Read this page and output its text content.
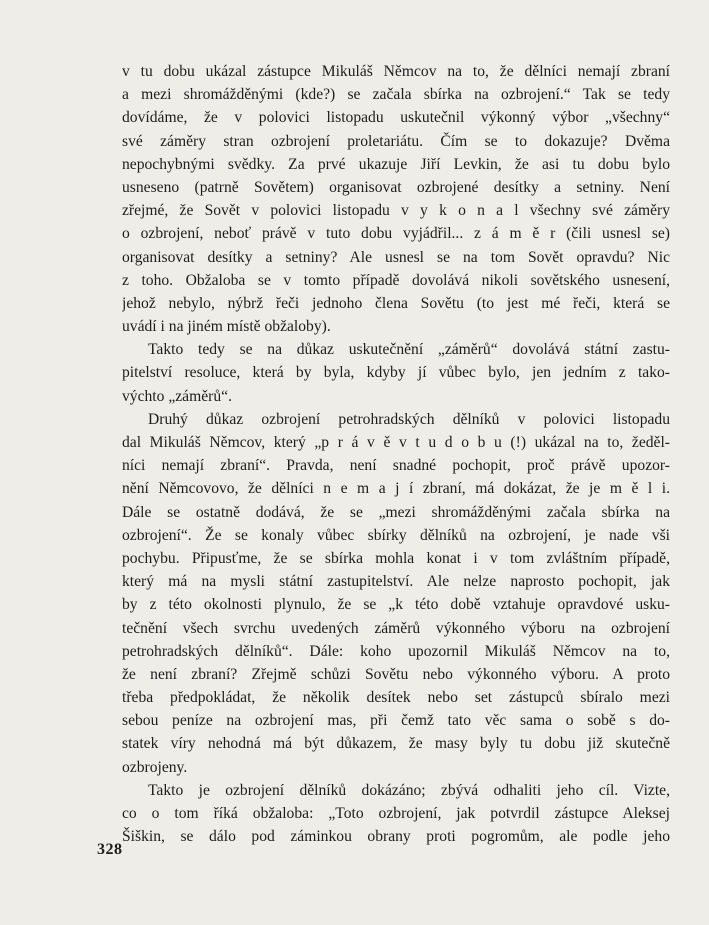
v tu dobu ukázal zástupce Mikuláš Němcov na to, že dělníci nemají zbraní
a mezi shromážděnými (kde?) se začala sbírka na ozbrojení.“ Tak se tedy
dovídáme, že v polovici listopadu uskutečnil výkonný výbor „všechny“
své záměry stran ozbrojení proletariátu. Čím se to dokazuje? Dvěma
nepochybnými svědky. Za prvé ukazuje Jiří Levkin, že asi tu dobu bylo
usneseno (patrně Sovětem) organisovat ozbrojené desítky a setniny. Není
zřejmé, že Sovět v polovici listopadu v y k o n a l všechny své záměry
o ozbrojení, neboť právě v tuto dobu vyjádřil... z á m ě r (čili usnesl se)
organisovat desítky a setniny? Ale usnesl se na tom Sovět opravdu? Nic
z toho. Obžaloba se v tomto případě dovolává nikoli sovětského usnesení,
jehož nebylo, nýbrž řeči jednoho člena Sovětu (to jest mé řeči, která se
uvádí i na jiném místě obžaloby).
Takto tedy se na důkaz uskutečnění „záměrů“ dovolává státní zastu-
pitelství resoluce, která by byla, kdyby jí vůbec bylo, jen jedním z tako-
výchto „záměrů“.
Druhý důkaz ozbrojení petrohradských dělníků v polovici listopadu
dal Mikuláš Němcov, který „p r á v ě v t u d o b u (!) ukázal na to, žeděl-
níci nemají zbraní“. Pravda, není snadné pochopit, proč právě upozor-
nění Němcovovo, že dělníci n e m a j í zbraní, má dokázat, že je m ě l i.
Dále se ostatně dodává, že se „mezi shromážděnými začala sbírka na
ozbrojení“. Že se konaly vůbec sbírky dělníků na ozbrojení, je nade vši
pochybu. Připusťme, že se sbírka mohla konat i v tom zvláštním případě,
který má na mysli státní zastupitelství. Ale nelze naprosto pochopit, jak
by z této okolnosti plynulo, že se „k této době vztahuje opravdové usku-
tečnění všech svrchu uvedených záměrů výkonného výboru na ozbrojení
petrohradských dělníků“. Dále: koho upozornil Mikuláš Němcov na to,
že není zbraní? Zřejmě schůzi Sovětu nebo výkonného výboru. A proto
třeba předpokládat, že několik desítek nebo set zástupců sbíralo mezi
sebou peníze na ozbrojení mas, při čemž tato věc sama o sobě s do-
statek víry nehodná má být důkazem, že masy byly tu dobu již skutečně
ozbrojeny.
Takto je ozbrojení dělníků dokázáno; zbývá odhaliti jeho cíl. Vizte,
co o tom říká obžaloba: „Toto ozbrojení, jak potvrdil zástupce Aleksej
Šiškin, se dálo pod záminkou obrany proti pogromům, ale podle jeho
328
